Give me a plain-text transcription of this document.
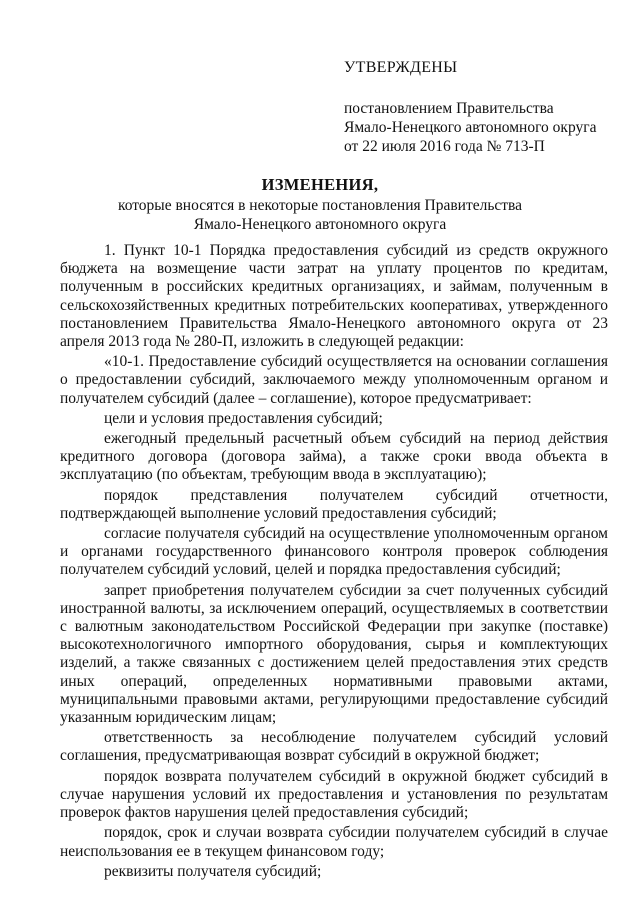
УТВЕРЖДЕНЫ
постановлением Правительства
Ямало-Ненецкого автономного округа
от 22 июля 2016 года № 713-П
ИЗМЕНЕНИЯ,
которые вносятся в некоторые постановления Правительства
Ямало-Ненецкого автономного округа

1. Пункт 10-1 Порядка предоставления субсидий из средств окружного бюджета на возмещение части затрат на уплату процентов по кредитам, полученным в российских кредитных организациях, и займам, полученным в сельскохозяйственных кредитных потребительских кооперативах, утвержденного постановлением Правительства Ямало-Ненецкого автономного округа от 23 апреля 2013 года № 280-П, изложить в следующей редакции:

«10-1. Предоставление субсидий осуществляется на основании соглашения о предоставлении субсидий, заключаемого между уполномоченным органом и получателем субсидий (далее – соглашение), которое предусматривает:

цели и условия предоставления субсидий;

ежегодный предельный расчетный объем субсидий на период действия кредитного договора (договора займа), а также сроки ввода объекта в эксплуатацию (по объектам, требующим ввода в эксплуатацию);

порядок представления получателем субсидий отчетности, подтверждающей выполнение условий предоставления субсидий;

согласие получателя субсидий на осуществление уполномоченным органом и органами государственного финансового контроля проверок соблюдения получателем субсидий условий, целей и порядка предоставления субсидий;

запрет приобретения получателем субсидии за счет полученных субсидий иностранной валюты, за исключением операций, осуществляемых в соответствии с валютным законодательством Российской Федерации при закупке (поставке) высокотехнологичного импортного оборудования, сырья и комплектующих изделий, а также связанных с достижением целей предоставления этих средств иных операций, определенных нормативными правовыми актами, муниципальными правовыми актами, регулирующими предоставление субсидий указанным юридическим лицам;

ответственность за несоблюдение получателем субсидий условий соглашения, предусматривающая возврат субсидий в окружной бюджет;

порядок возврата получателем субсидий в окружной бюджет субсидий в случае нарушения условий их предоставления и установления по результатам проверок фактов нарушения целей предоставления субсидий;

порядок, срок и случаи возврата субсидии получателем субсидий в случае неиспользования ее в текущем финансовом году;

реквизиты получателя субсидий;
